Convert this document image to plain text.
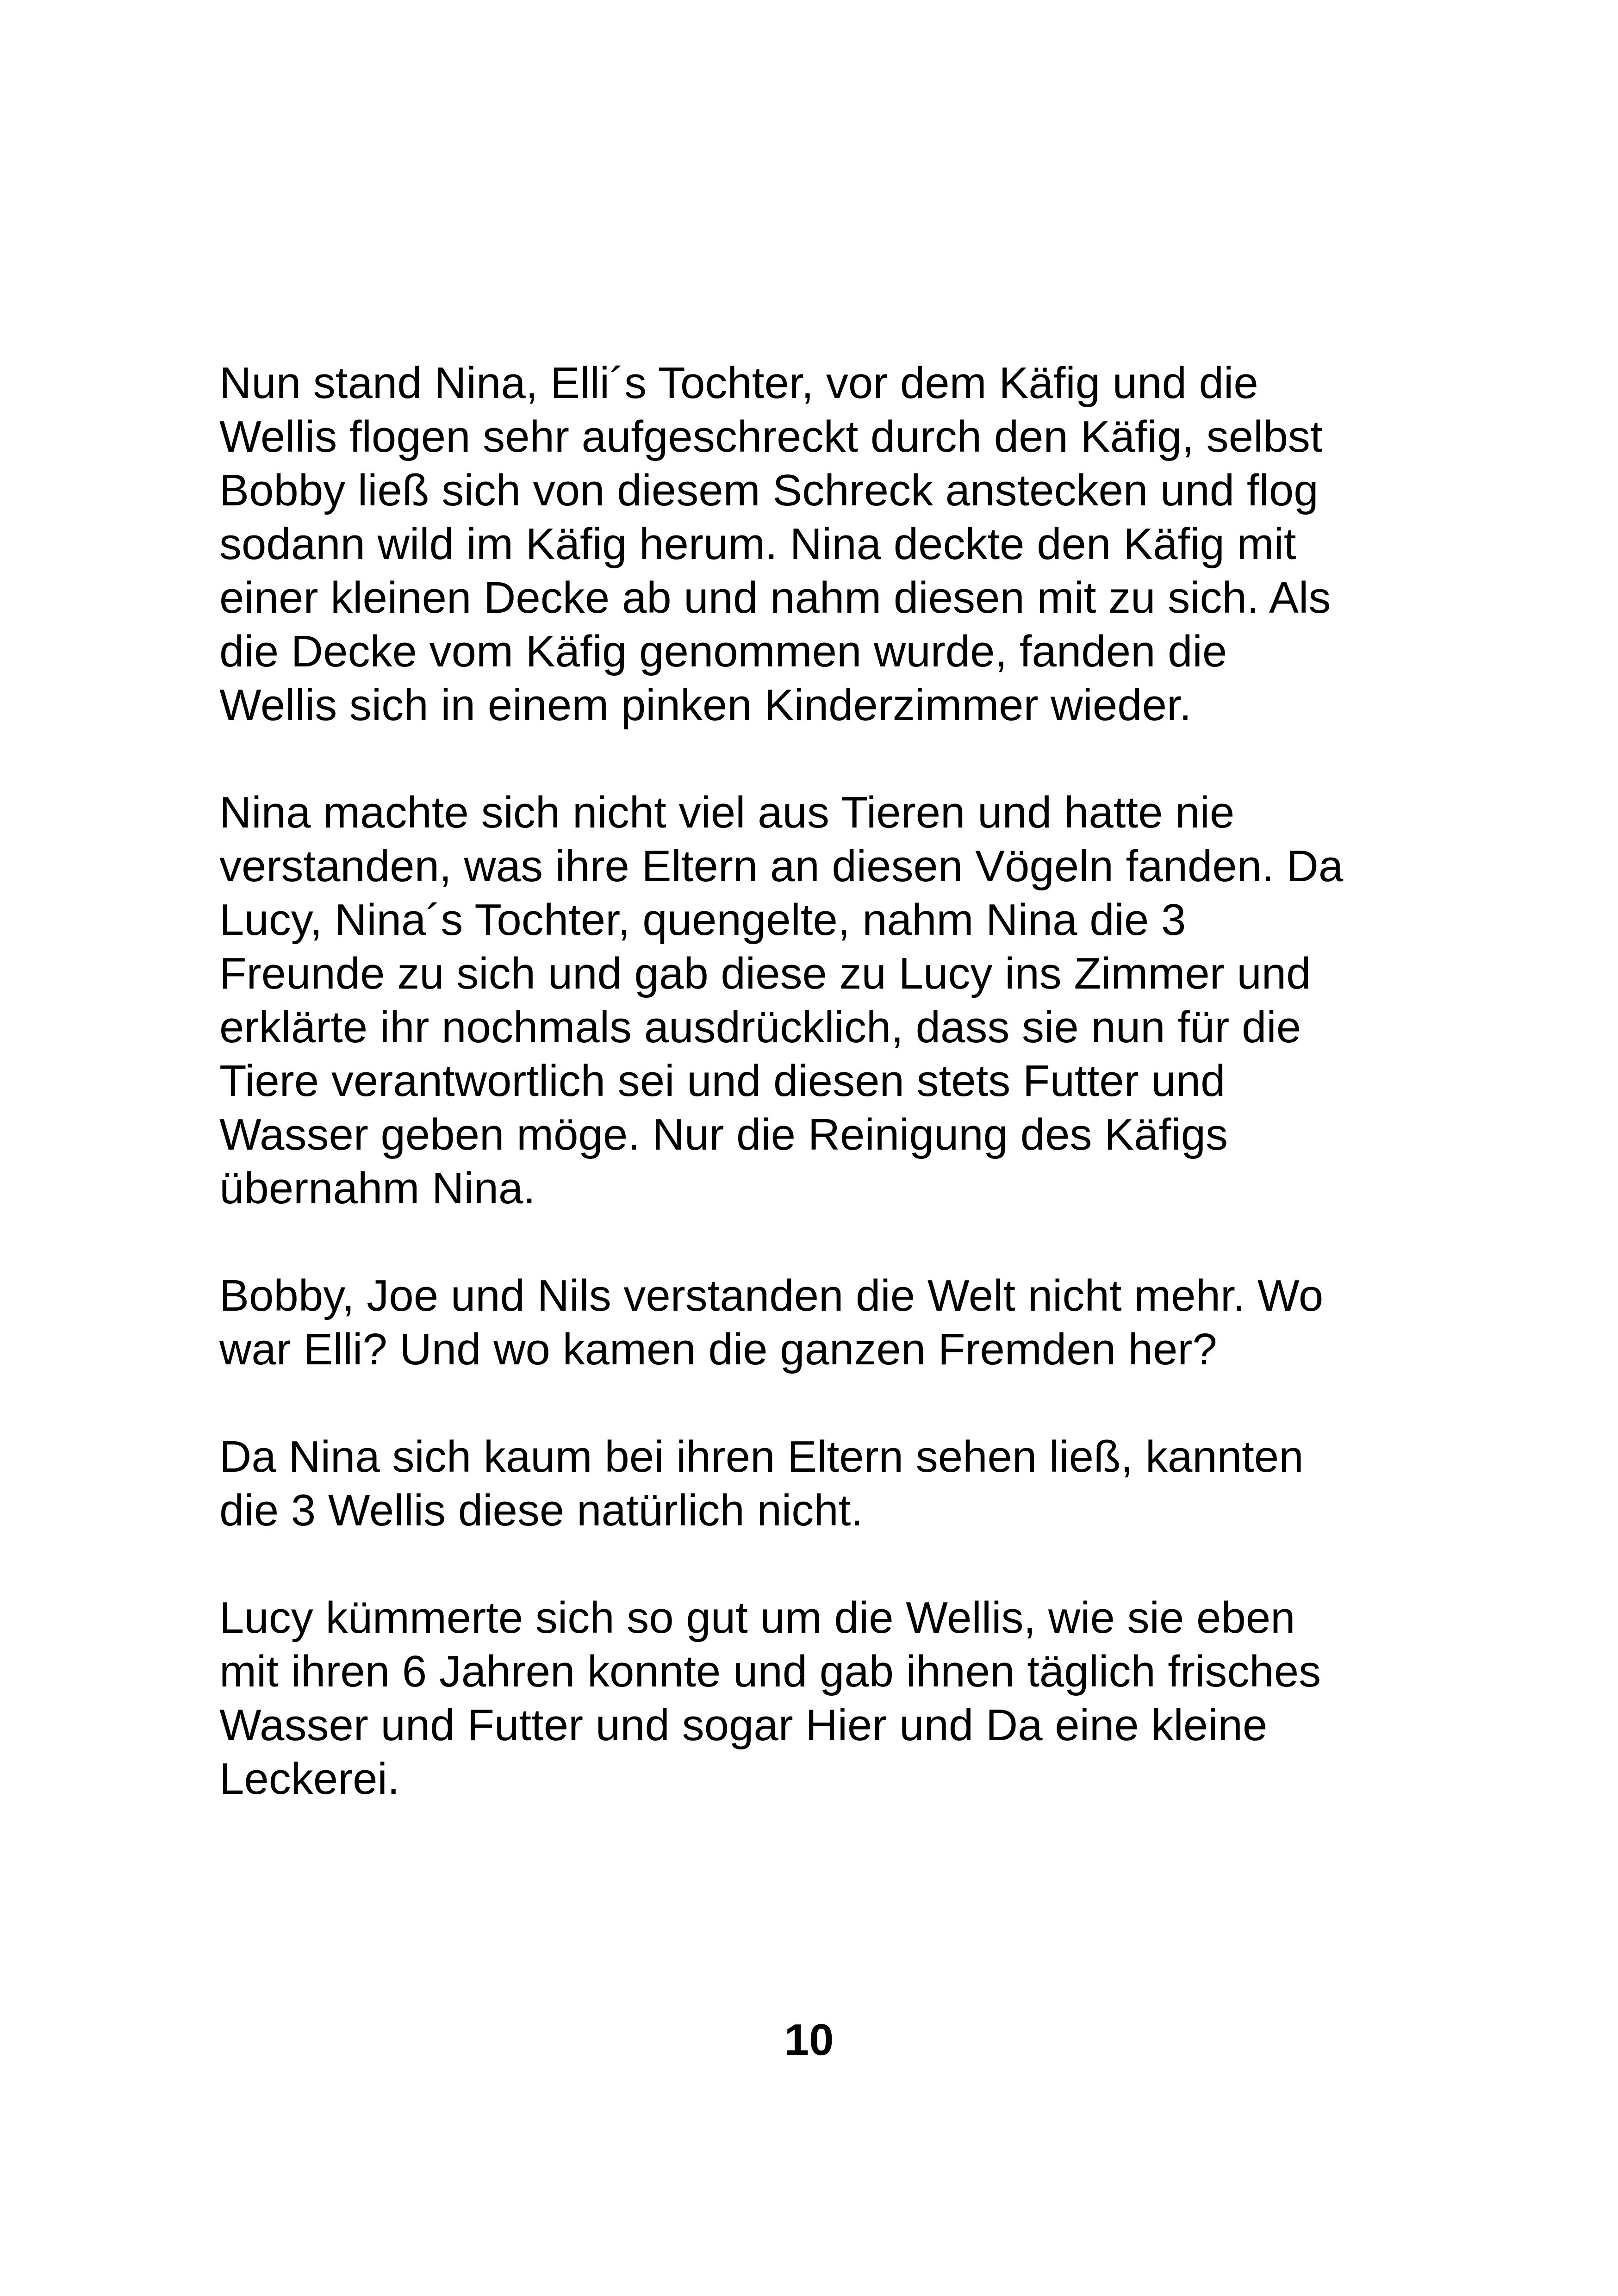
Nun stand Nina, Elli´s Tochter, vor dem Käfig und die
Wellis flogen sehr aufgeschreckt durch den Käfig, selbst
Bobby ließ sich von diesem Schreck anstecken und flog
sodann wild im Käfig herum. Nina deckte den Käfig mit
einer kleinen Decke ab und nahm diesen mit zu sich. Als
die Decke vom Käfig genommen wurde, fanden die
Wellis sich in einem pinken Kinderzimmer wieder.

Nina machte sich nicht viel aus Tieren und hatte nie
verstanden, was ihre Eltern an diesen Vögeln fanden. Da
Lucy, Nina´s Tochter, quengelte, nahm Nina die 3
Freunde zu sich und gab diese zu Lucy ins Zimmer und
erklärte ihr nochmals ausdrücklich, dass sie nun für die
Tiere verantwortlich sei und diesen stets Futter und
Wasser geben möge. Nur die Reinigung des Käfigs
übernahm Nina.

Bobby, Joe und Nils verstanden die Welt nicht mehr. Wo
war Elli? Und wo kamen die ganzen Fremden her?

Da Nina sich kaum bei ihren Eltern sehen ließ, kannten
die 3 Wellis diese natürlich nicht.

Lucy kümmerte sich so gut um die Wellis, wie sie eben
mit ihren 6 Jahren konnte und gab ihnen täglich frisches
Wasser und Futter und sogar Hier und Da eine kleine
Leckerei.

10
